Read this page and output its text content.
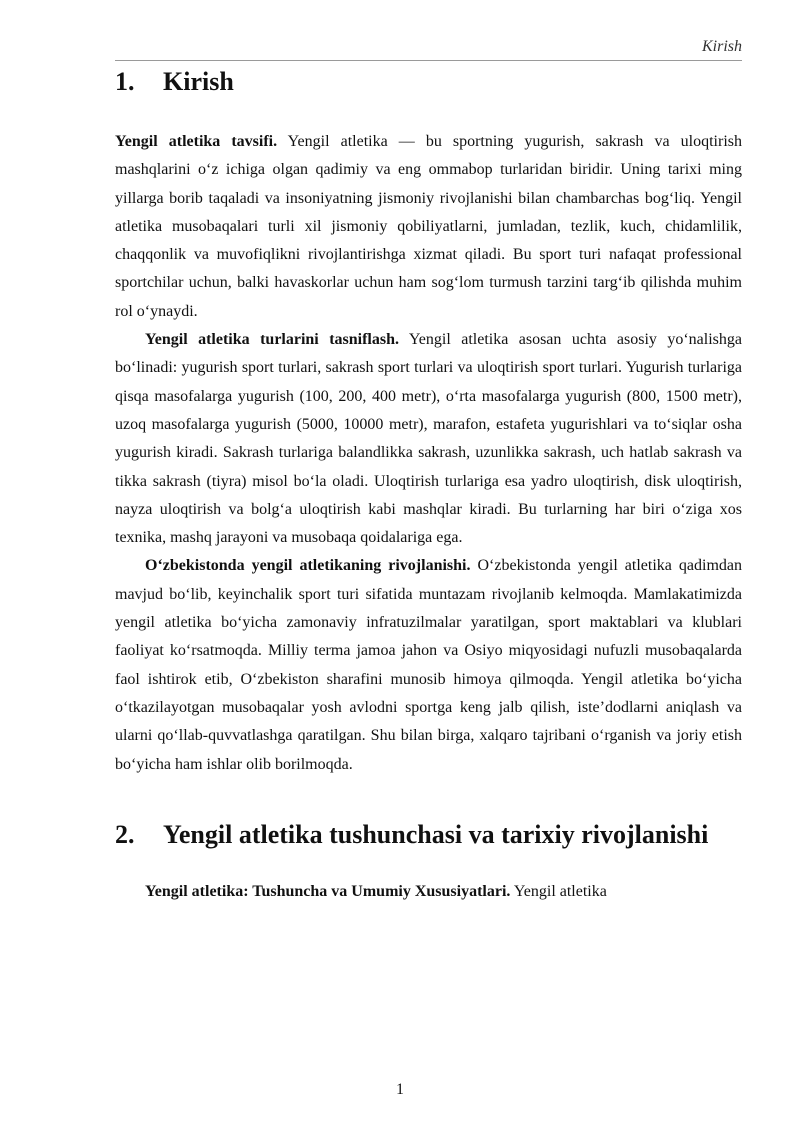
Kirish
1.	Kirish

Yengil atletika tavsifi. Yengil atletika — bu sportning yugurish, sakrash va uloqtirish mashqlarini o‘z ichiga olgan qadimiy va eng ommabop turlaridan biridir. Uning tarixi ming yillarga borib taqaladi va insoniyatning jismoniy rivojlanishi bilan chambarchas bog‘liq. Yengil atletika musobaqalari turli xil jismoniy qobiliyatlarni, jumladan, tezlik, kuch, chidamlilik, chaqqonlik va muvofiqlikni rivojlantirishga xizmat qiladi. Bu sport turi nafaqat professional sportchilar uchun, balki havaskorlar uchun ham sog‘lom turmush tarzini targ‘ib qilishda muhim rol o‘ynaydi.

Yengil atletika turlarini tasniflash. Yengil atletika asosan uchta asosiy yo‘nalishga bo‘linadi: yugurish sport turlari, sakrash sport turlari va uloqtirish sport turlari. Yugurish turlariga qisqa masofalarga yugurish (100, 200, 400 metr), o‘rta masofalarga yugurish (800, 1500 metr), uzoq masofalarga yugurish (5000, 10000 metr), marafon, estafeta yugurishlari va to‘siqlar osha yugurish kiradi. Sakrash turlariga balandlikka sakrash, uzunlikka sakrash, uch hatlab sakrash va tikka sakrash (tiyra) misol bo‘la oladi. Uloqtirish turlariga esa yadro uloqtirish, disk uloqtirish, nayza uloqtirish va bolg‘a uloqtirish kabi mashqlar kiradi. Bu turlarning har biri o‘ziga xos texnika, mashq jarayoni va musobaqa qoidalariga ega.

O‘zbekistonda yengil atletikaning rivojlanishi. O‘zbekistonda yengil atletika qadimdan mavjud bo‘lib, keyinchalik sport turi sifatida muntazam rivojlanib kelmoqda. Mamlakatimizda yengil atletika bo‘yicha zamonaviy infratuzilmalar yaratilgan, sport maktablari va klublari faoliyat ko‘rsatmoqda. Milliy terma jamoa jahon va Osiyo miqyosidagi nufuzli musobaqalarda faol ishtirok etib, O‘zbekiston sharafini munosib himoya qilmoqda. Yengil atletika bo‘yicha o‘tkazilayotgan musobaqalar yosh avlodni sportga keng jalb qilish, iste’dodlarni aniqlash va ularni qo‘llab-quvvatlashga qaratilgan. Shu bilan birga, xalqaro tajribani o‘rganish va joriy etish bo‘yicha ham ishlar olib borilmoqda.

2.	Yengil atletika tushunchasi va tarixiy rivojlanishi

Yengil atletika: Tushuncha va Umumiy Xususiyatlari. Yengil atletika

1
